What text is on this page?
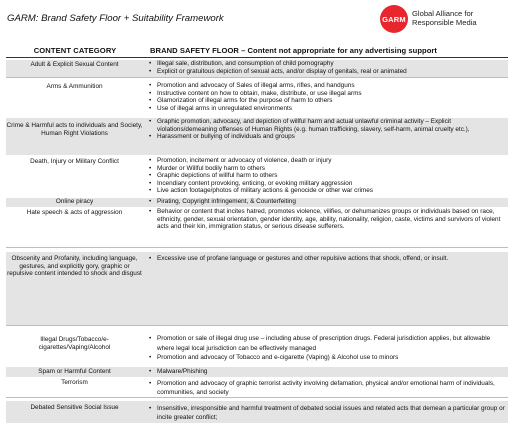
GARM: Brand Safety Floor + Suitability Framework	GARM
Global Alliance for Responsible Media
CONTENT CATEGORY	BRAND SAFETY FLOOR – Content not appropriate for any advertising support
Adult & Explicit Sexual Content	• Illegal sale, distribution, and consumption of child pornography
• Explicit or gratuitous depiction of sexual acts, and/or display of genitals, real or animated
Arms & Ammunition	• Promotion and advocacy of Sales of illegal arms, rifles, and handguns
• Instructive content on how to obtain, make, distribute, or use illegal arms
• Glamorization of illegal arms for the purpose of harm to others
• Use of illegal arms in unregulated environments
Crime & Harmful acts to individuals and Society, Human Right Violations
• Graphic promotion, advocacy, and depiction of willful harm and actual unlawful criminal activity – Explicit violations/demeaning offenses of Human Rights (e.g. human trafficking, slavery, self-harm, animal cruelty etc.),
• Harassment or bullying of individuals and groups
Death, Injury or Military Conflict	• Promotion, incitement or advocacy of violence, death or injury
• Murder or Willful bodily harm to others
• Graphic depictions of willful harm to others
• Incendiary content provoking, enticing, or evoking military aggression
• Live action footage/photos of military actions & genocide or other war crimes
Online piracy	• Pirating, Copyright infringement, & Counterfeiting
Hate speech & acts of aggression	• Behavior or content that incites hatred, promotes violence, vilifies, or dehumanizes groups or individuals based on race, ethnicity, gender, sexual orientation, gender identity, age, ability, nationality, religion, caste, victims and survivors of violent acts and their kin, immigration status, or serious disease sufferers.
Obscenity and Profanity, including language, gestures, and explicitly gory, graphic or repulsive content intended to shock and disgust
• Excessive use of profane language or gestures and other repulsive actions that shock, offend, or insult.
Illegal Drugs/Tobacco/e-cigarettes/Vaping/Alcohol
• Promotion or sale of illegal drug use – including abuse of prescription drugs. Federal jurisdiction applies, but allowable where legal local jurisdiction can be effectively managed
• Promotion and advocacy of Tobacco and e-cigarette (Vaping) & Alcohol use to minors
Spam or Harmful Content	• Malware/Phishing
Terrorism	• Promotion and advocacy of graphic terrorist activity involving defamation, physical and/or emotional harm of individuals, communities, and society
Debated Sensitive Social Issue	• Insensitive, irresponsible and harmful treatment of debated social issues and related acts that demean a particular group or incite greater conflict;
